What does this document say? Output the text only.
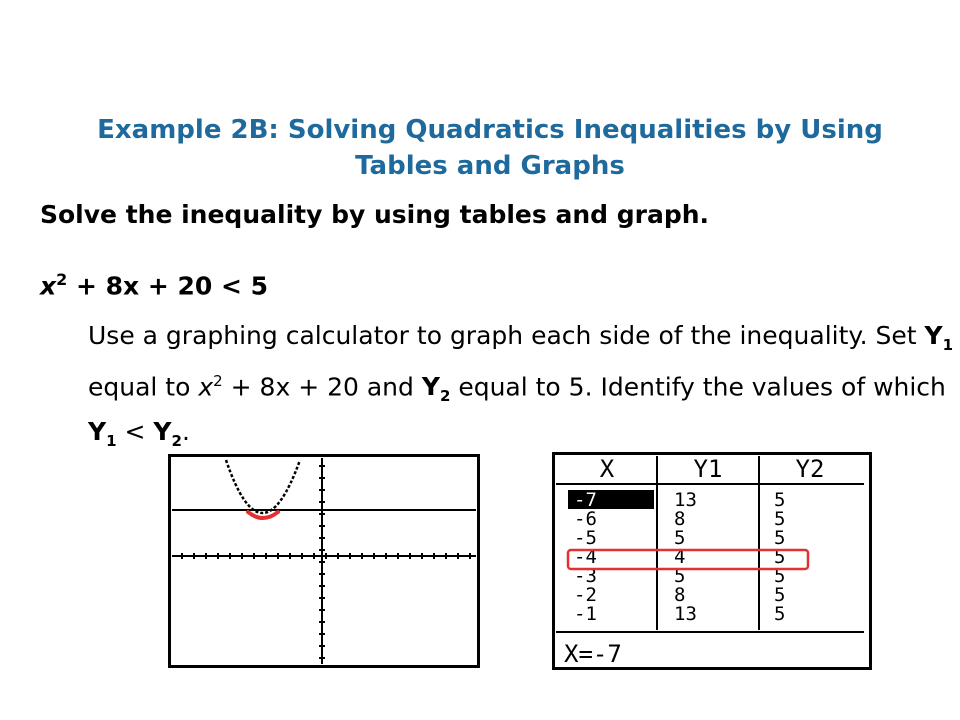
Example 2B: Solving Quadratics Inequalities by Using
Tables and Graphs
Solve the inequality by using tables and graph.
$x^2 + 8x + 20 < 5$
Use a graphing calculator to graph each side of the inequality. Set $Y_1$ equal to $x^2 + 8x + 20$ and $Y_2$ equal to 5. Identify the values of which $Y_1 < Y_2$.
X	Y1	Y2
-7	13	5
-6	8	5
-5	5	5
-4	4	5
-3	5	5
-2	8	5
-1	13	5
X=-7
